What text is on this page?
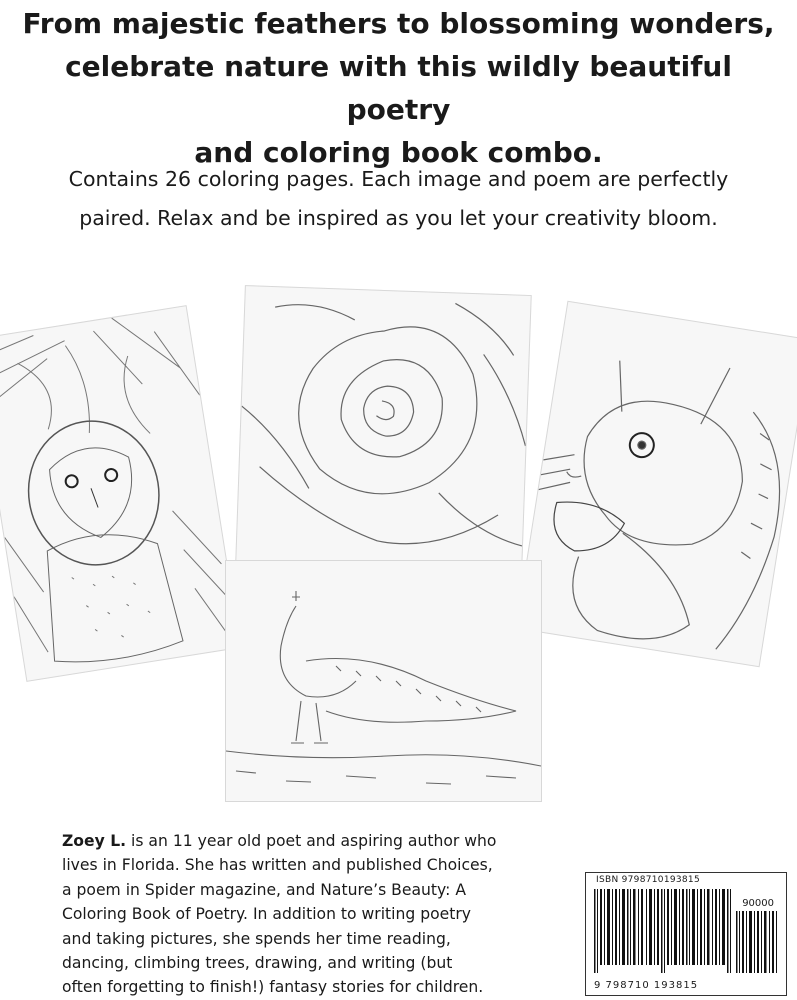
From majestic feathers to blossoming wonders,
celebrate nature with this wildly beautiful poetry
and coloring book combo.
Contains 26 coloring pages. Each image and poem are perfectly
paired. Relax and be inspired as you let your creativity bloom.
Zoey L. is an 11 year old poet and aspiring author who
lives in Florida. She has written and published Choices,
a poem in Spider magazine, and Nature’s Beauty: A
Coloring Book of Poetry. In addition to writing poetry
and taking pictures, she spends her time reading,
dancing, climbing trees, drawing, and writing (but
often forgetting to finish!) fantasy stories for children.
ISBN 9798710193815
90000
9 798710 193815
